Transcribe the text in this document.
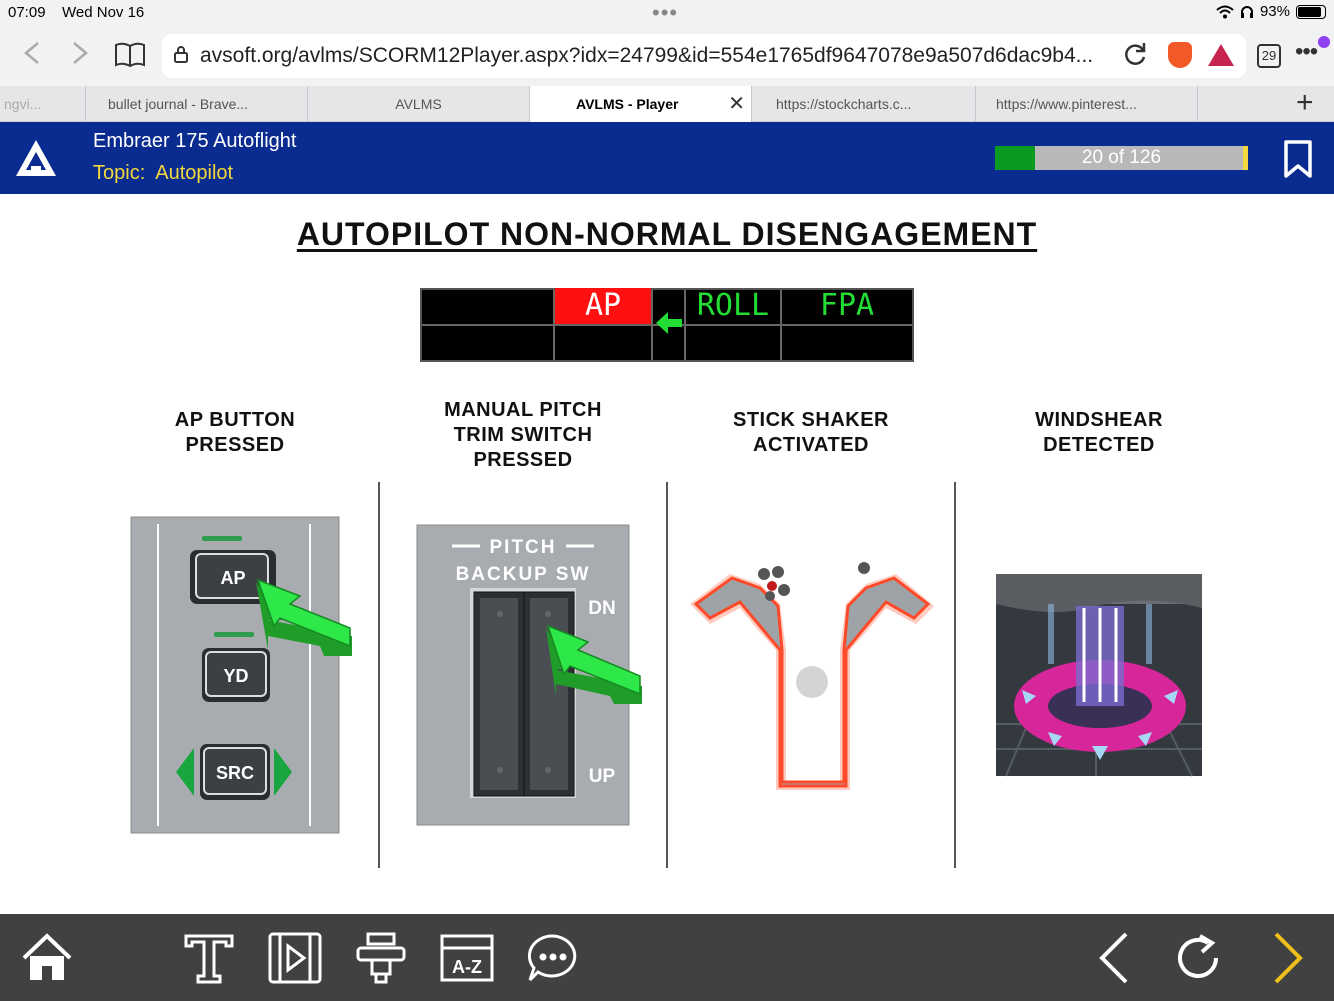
07:09 Wed Nov 16	•••	93%
avsoft.org/avlms/SCORM12Player.aspx?idx=24799&id=554e1765df9647078e9a507d6dac9b4...	29 •••
ngvi...	bullet journal - Brave...	AVLMS	AVLMS - Player ✕	https://stockcharts.c...	https://www.pinterest...	+
Embraer 175 Autoflight
Topic: Autopilot
20 of 126
AUTOPILOT NON-NORMAL DISENGAGEMENT
AP	ROLL	FPA
AP BUTTON
PRESSED
MANUAL PITCH
TRIM SWITCH
PRESSED
STICK SHAKER
ACTIVATED
WINDSHEAR
DETECTED
AP
YD
SRC
PITCH
BACKUP SW
DN
UP
A-Z
